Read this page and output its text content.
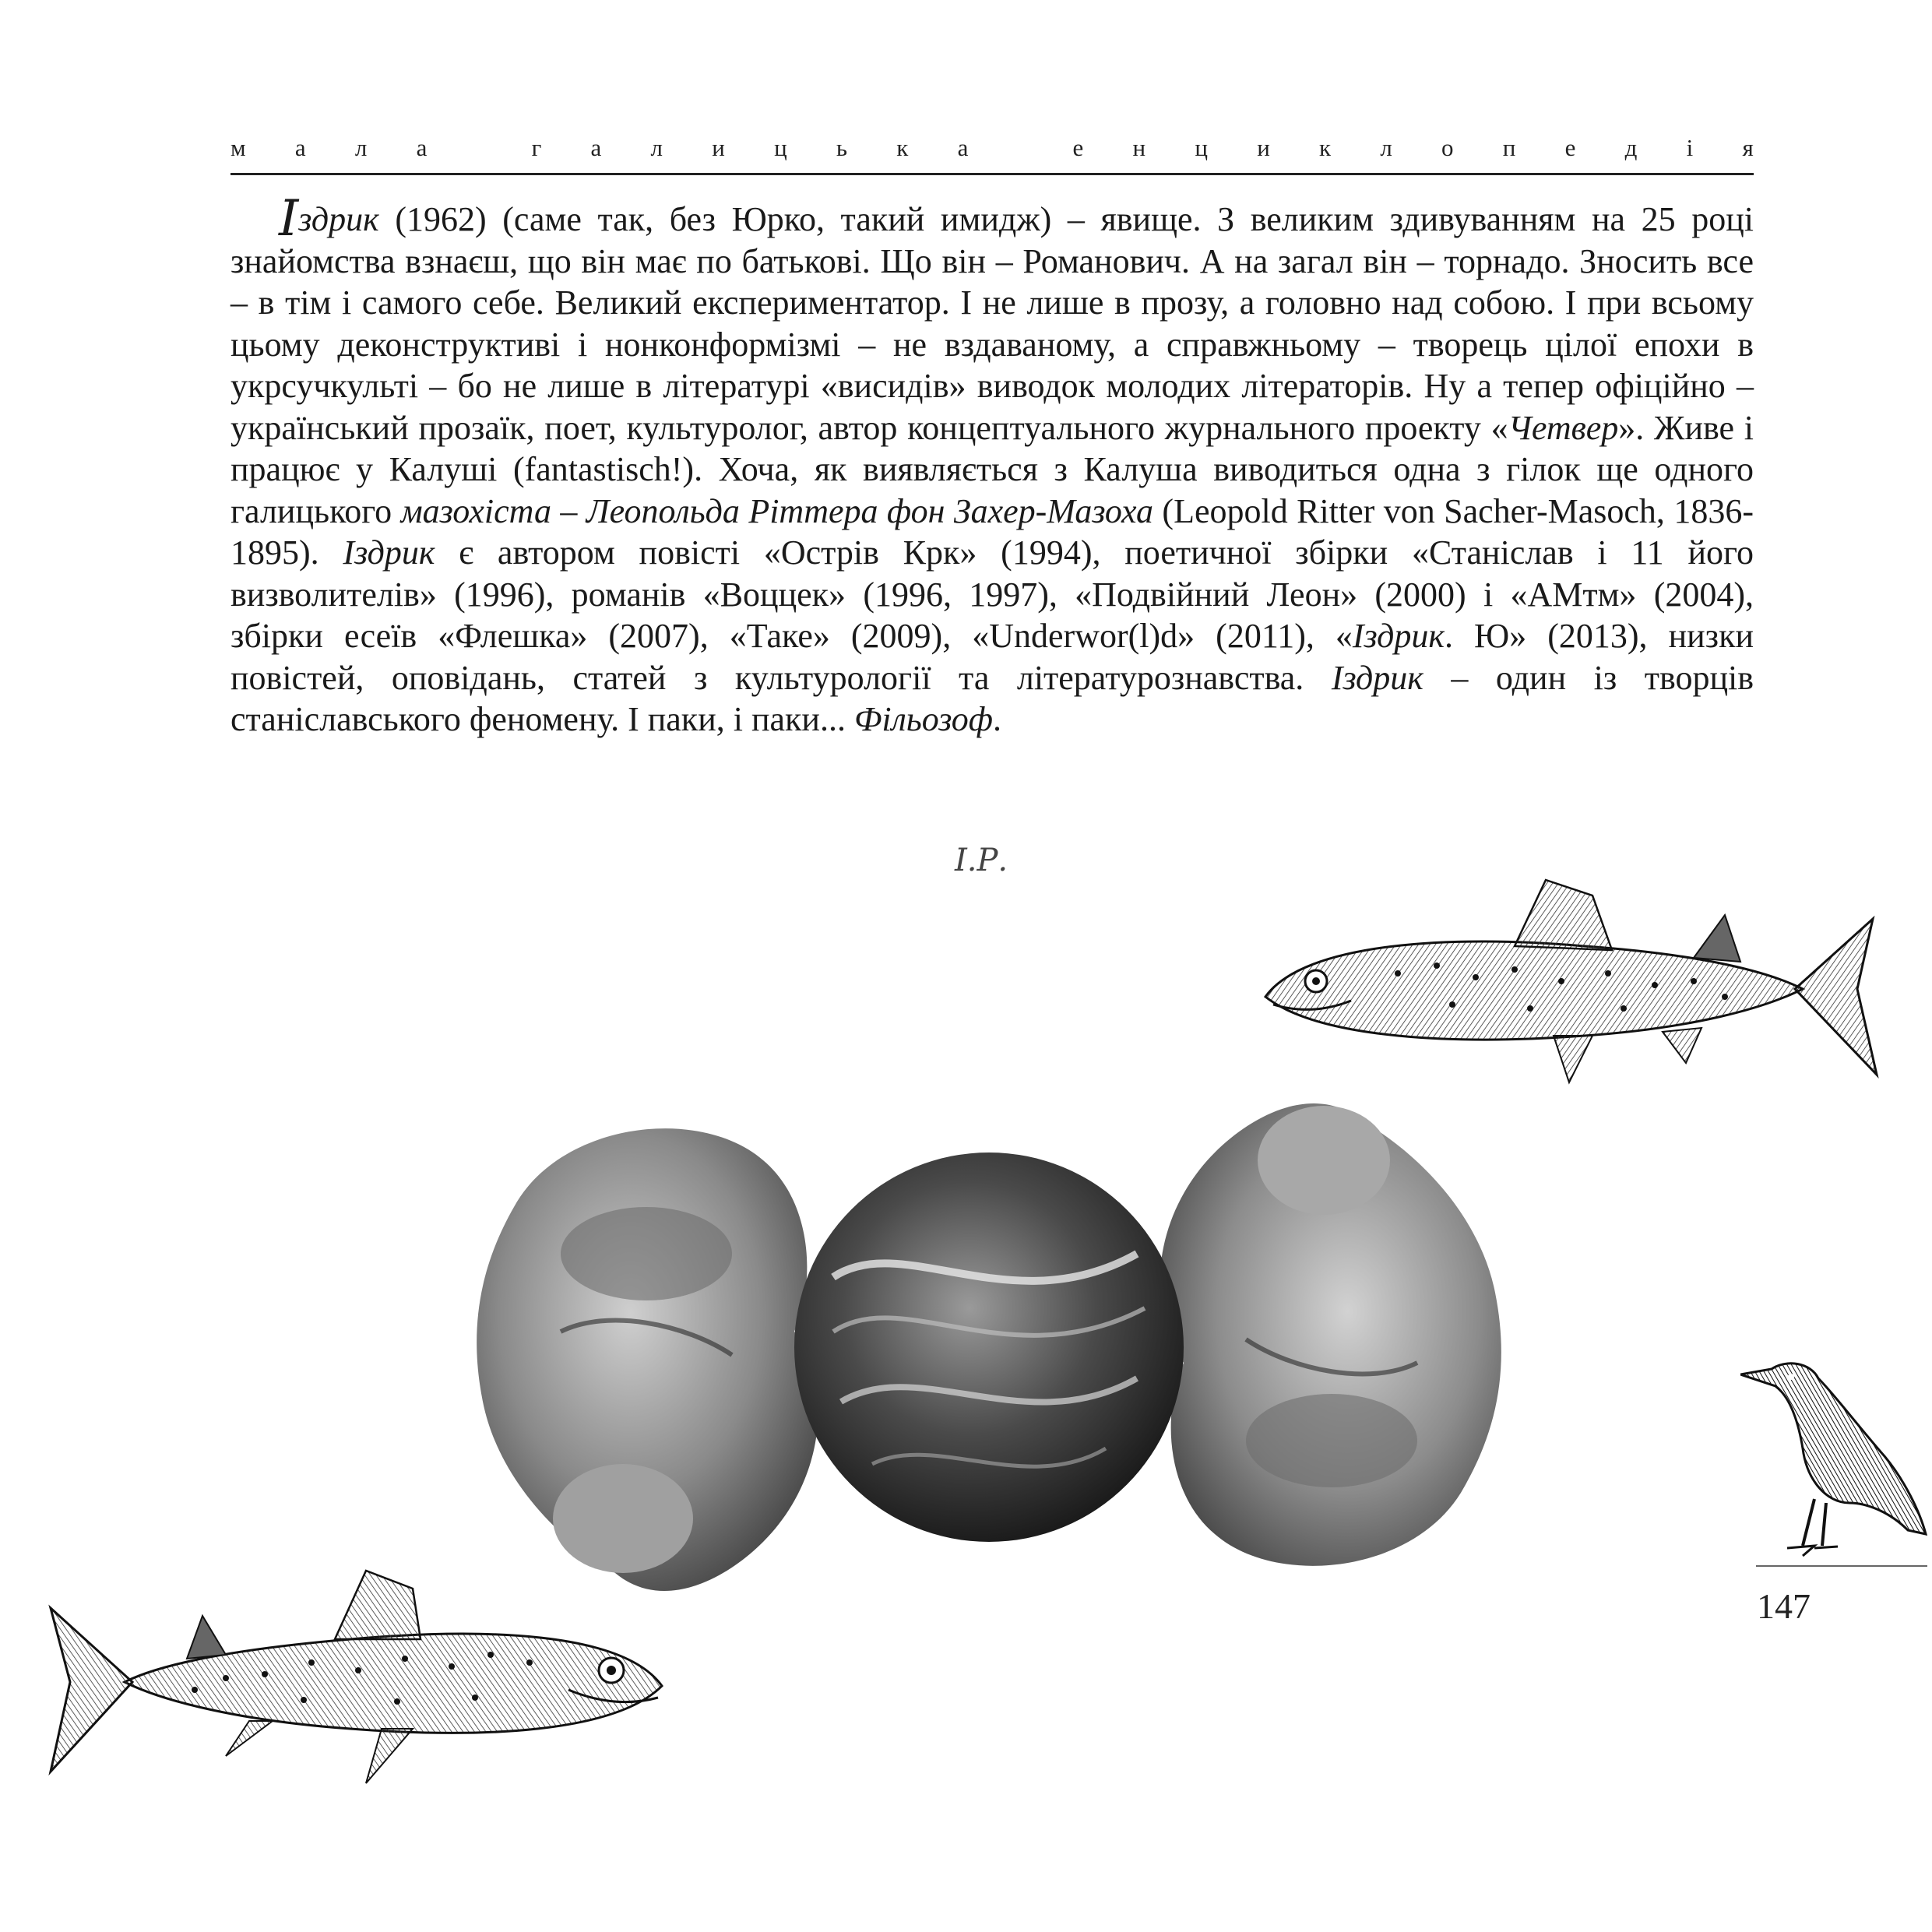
м а л а
	г а л и ц ь к а
	е н ц и к л о п е д і я

Іздрик (1962) (саме так, без Юрко, такий имидж) – явище. З великим здивуванням на 25 році знайомства взнаєш, що він має по батькові. Що він – Романович. А на загал він – торнадо. Зносить все – в тім і самого себе. Великий експериментатор. І не лише в прозу, а головно над собою. І при всьому цьому деконструктиві і нонконформізмі – не вздаваному, а справжньому – творець цілої епохи в укрсучкульті – бо не лише в літературі «висидів» виводок молодих літераторів. Ну а тепер офіційно – український прозаїк, поет, культуролог, автор концептуального журнального проекту «Четвер». Живе і працює у Калуші (fantastisch!). Хоча, як виявляється з Калуша виводиться одна з гілок ще одного галицького мазохіста – Леопольда Ріттера фон Захер-Мазоха (Leopold Ritter von Sacher-Masoch, 1836-1895). Іздрик є автором повісті «Острів Крк» (1994), поетичної збірки «Станіслав і 11 його визволителів» (1996), романів «Воццек» (1996, 1997), «Подвійний Леон» (2000) і «АМтм» (2004), збірки есеїв «Флешка» (2007), «Таке» (2009), «Underwor(l)d» (2011), «Іздрик. Ю» (2013), низки повістей, оповідань, статей з культурології та літературознавства. Іздрик – один із творців станіславського феномену. І паки, і паки... Фільозоф.

І.Р.
147
